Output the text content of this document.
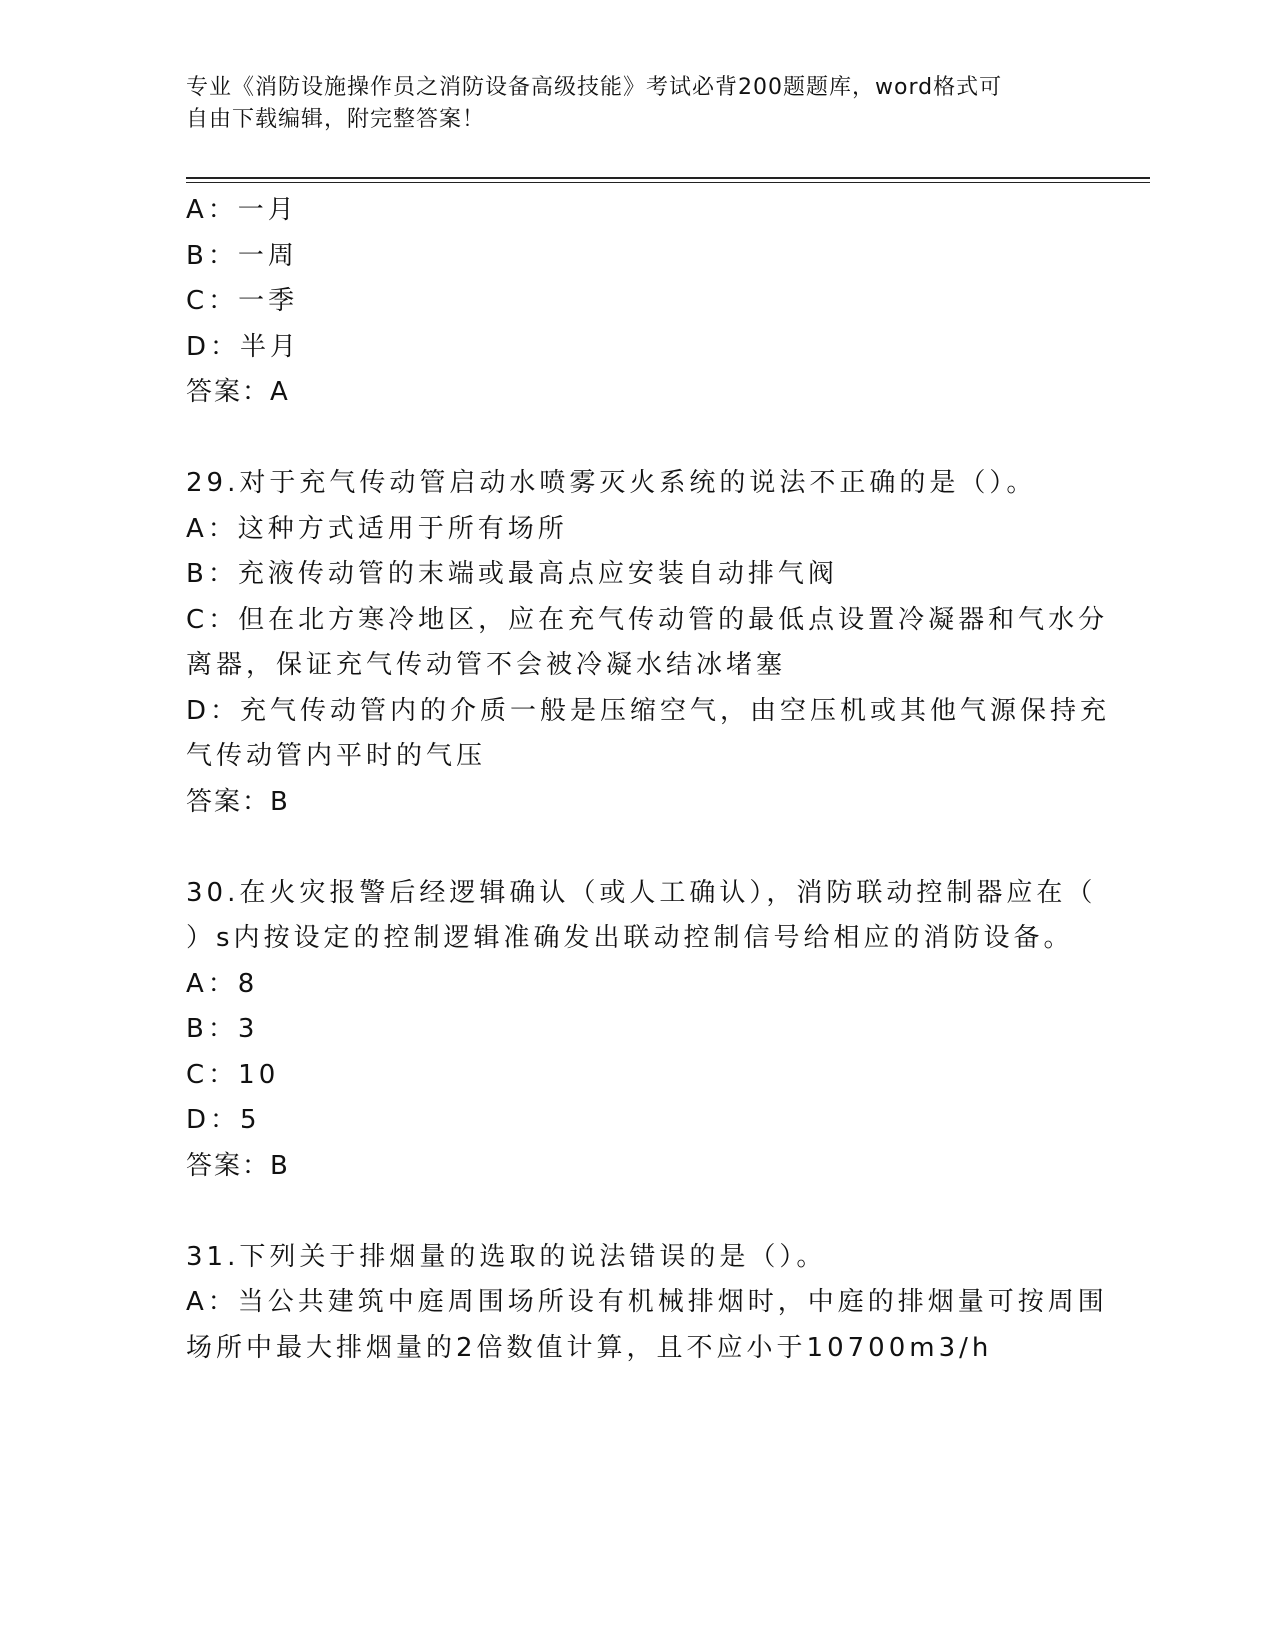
专业《消防设施操作员之消防设备高级技能》考试必背200题题库，word格式可
自由下载编辑，附完整答案！
A：一月
B：一周
C：一季
D：半月
答案：A
29.对于充气传动管启动水喷雾灭火系统的说法不正确的是（）。
A：这种方式适用于所有场所
B：充液传动管的末端或最高点应安装自动排气阀
C：但在北方寒冷地区，应在充气传动管的最低点设置冷凝器和气水分
离器，保证充气传动管不会被冷凝水结冰堵塞
D：充气传动管内的介质一般是压缩空气，由空压机或其他气源保持充
气传动管内平时的气压
答案：B
30.在火灾报警后经逻辑确认（或人工确认），消防联动控制器应在（
）s内按设定的控制逻辑准确发出联动控制信号给相应的消防设备。
A：8
B：3
C：10
D：5
答案：B
31.下列关于排烟量的选取的说法错误的是（）。
A：当公共建筑中庭周围场所设有机械排烟时，中庭的排烟量可按周围
场所中最大排烟量的2倍数值计算，且不应小于10700m3/h
